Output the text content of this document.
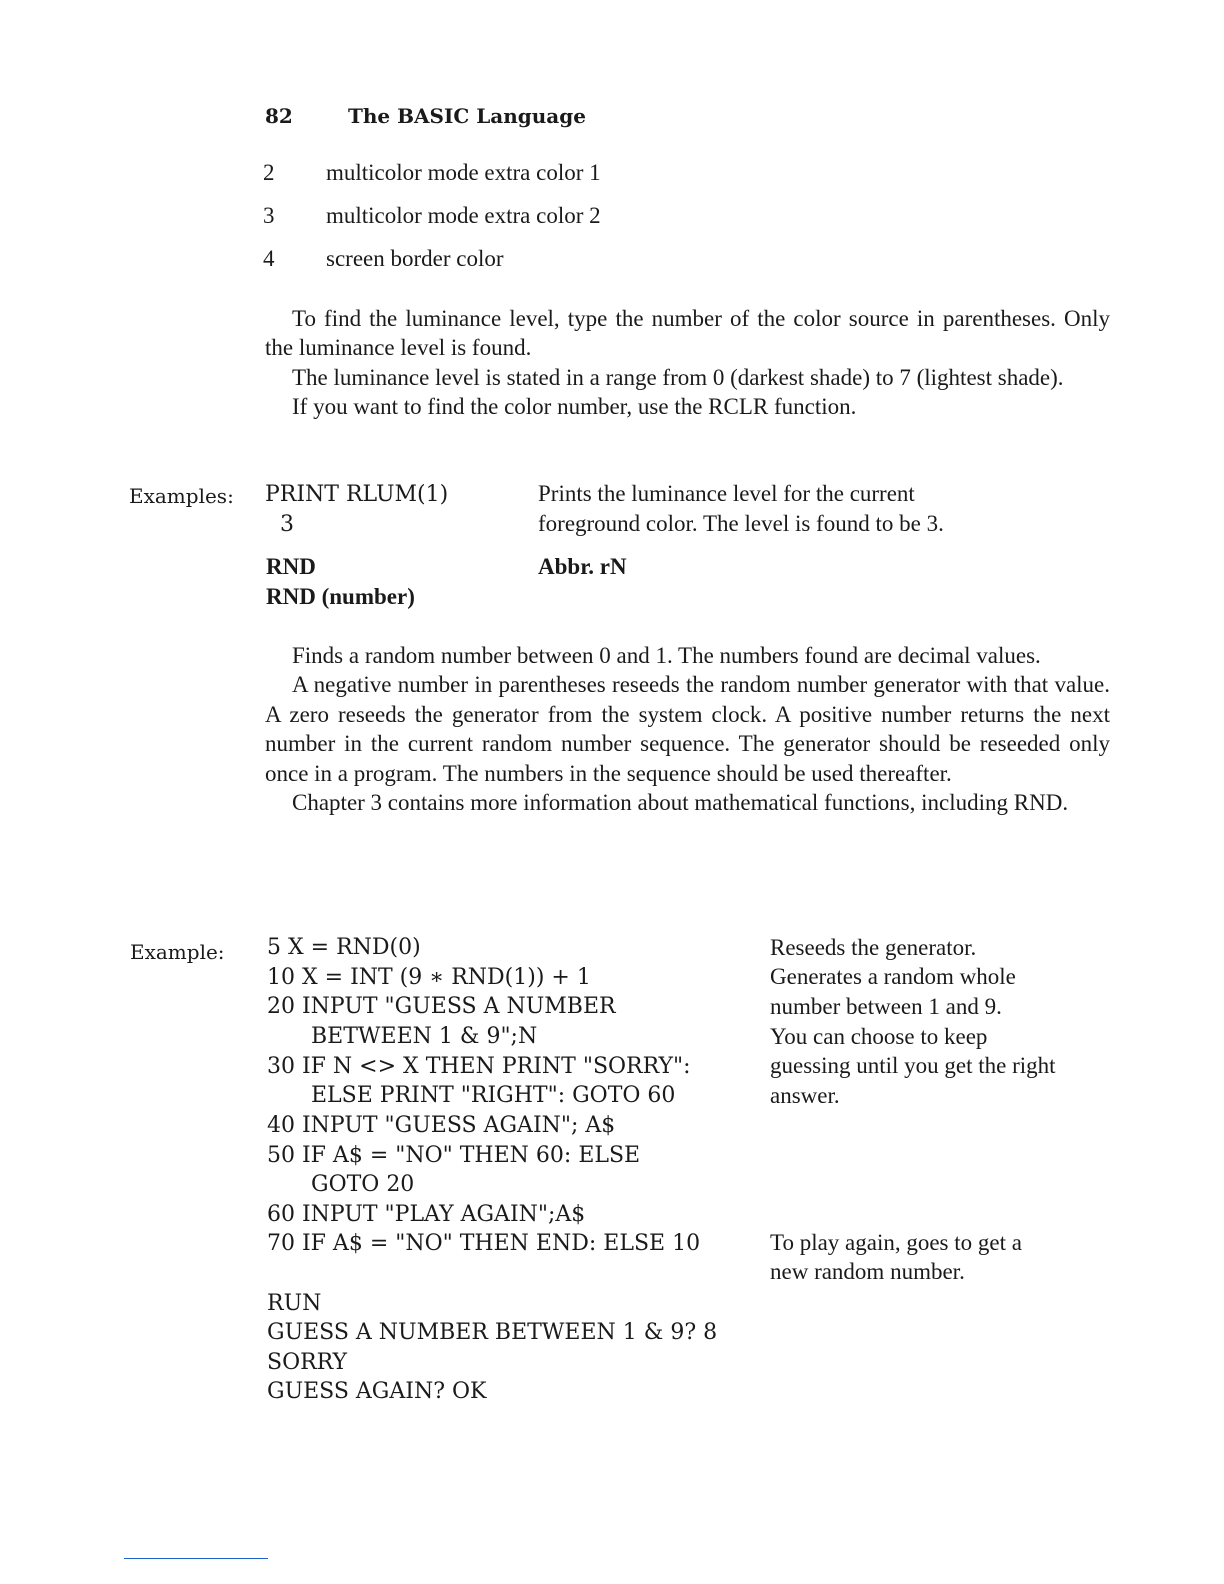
82	The BASIC Language
2 multicolor mode extra color 1
3 multicolor mode extra color 2
4 screen border color

To find the luminance level, type the number of the color source in parentheses. Only the luminance level is found.

The luminance level is stated in a range from 0 (darkest shade) to 7 (lightest shade).

If you want to find the color number, use the RCLR function.

Examples: PRINT RLUM(1)
3
Prints the luminance level for the current
foreground color. The level is found to be 3.
RND	Abbr. rN
RND (number)

Finds a random number between 0 and 1. The numbers found are decimal values.

A negative number in parentheses reseeds the random number generator with that value. A zero reseeds the generator from the system clock. A positive number returns the next number in the current random number sequence. The generator should be reseeded only once in a program. The numbers in the sequence should be used thereafter.

Chapter 3 contains more information about mathematical functions, including RND.

Example: 5 X = RND(0)
10 X = INT (9 ∗ RND(1)) + 1
20 INPUT "GUESS A NUMBER
BETWEEN 1 & 9";N
30 IF N <> X THEN PRINT "SORRY":
ELSE PRINT "RIGHT": GOTO 60
40 INPUT "GUESS AGAIN"; A$
50 IF A$ = "NO" THEN 60: ELSE
GOTO 20
60 INPUT "PLAY AGAIN";A$
70 IF A$ = "NO" THEN END: ELSE 10
Reseeds the generator.
Generates a random whole
number between 1 and 9.
You can choose to keep
guessing until you get the right
answer.
To play again, goes to get a
new random number.
RUN
GUESS A NUMBER BETWEEN 1 & 9? 8
SORRY
GUESS AGAIN? OK
